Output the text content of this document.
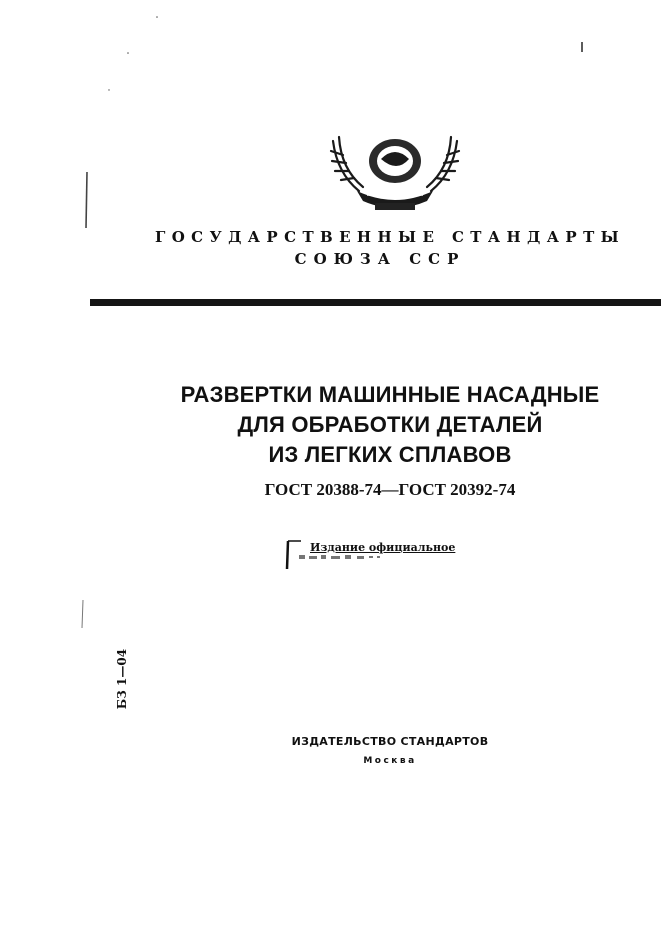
ГОСУДАРСТВЕННЫЕ СТАНДАРТЫ
СОЮЗА ССР
РАЗВЕРТКИ МАШИННЫЕ НАСАДНЫЕ
ДЛЯ ОБРАБОТКИ ДЕТАЛЕЙ
ИЗ ЛЕГКИХ СПЛАВОВ
ГОСТ 20388-74—ГОСТ 20392-74
Издание официальное
БЗ 1—04
ИЗДАТЕЛЬСТВО СТАНДАРТОВ
Москва
